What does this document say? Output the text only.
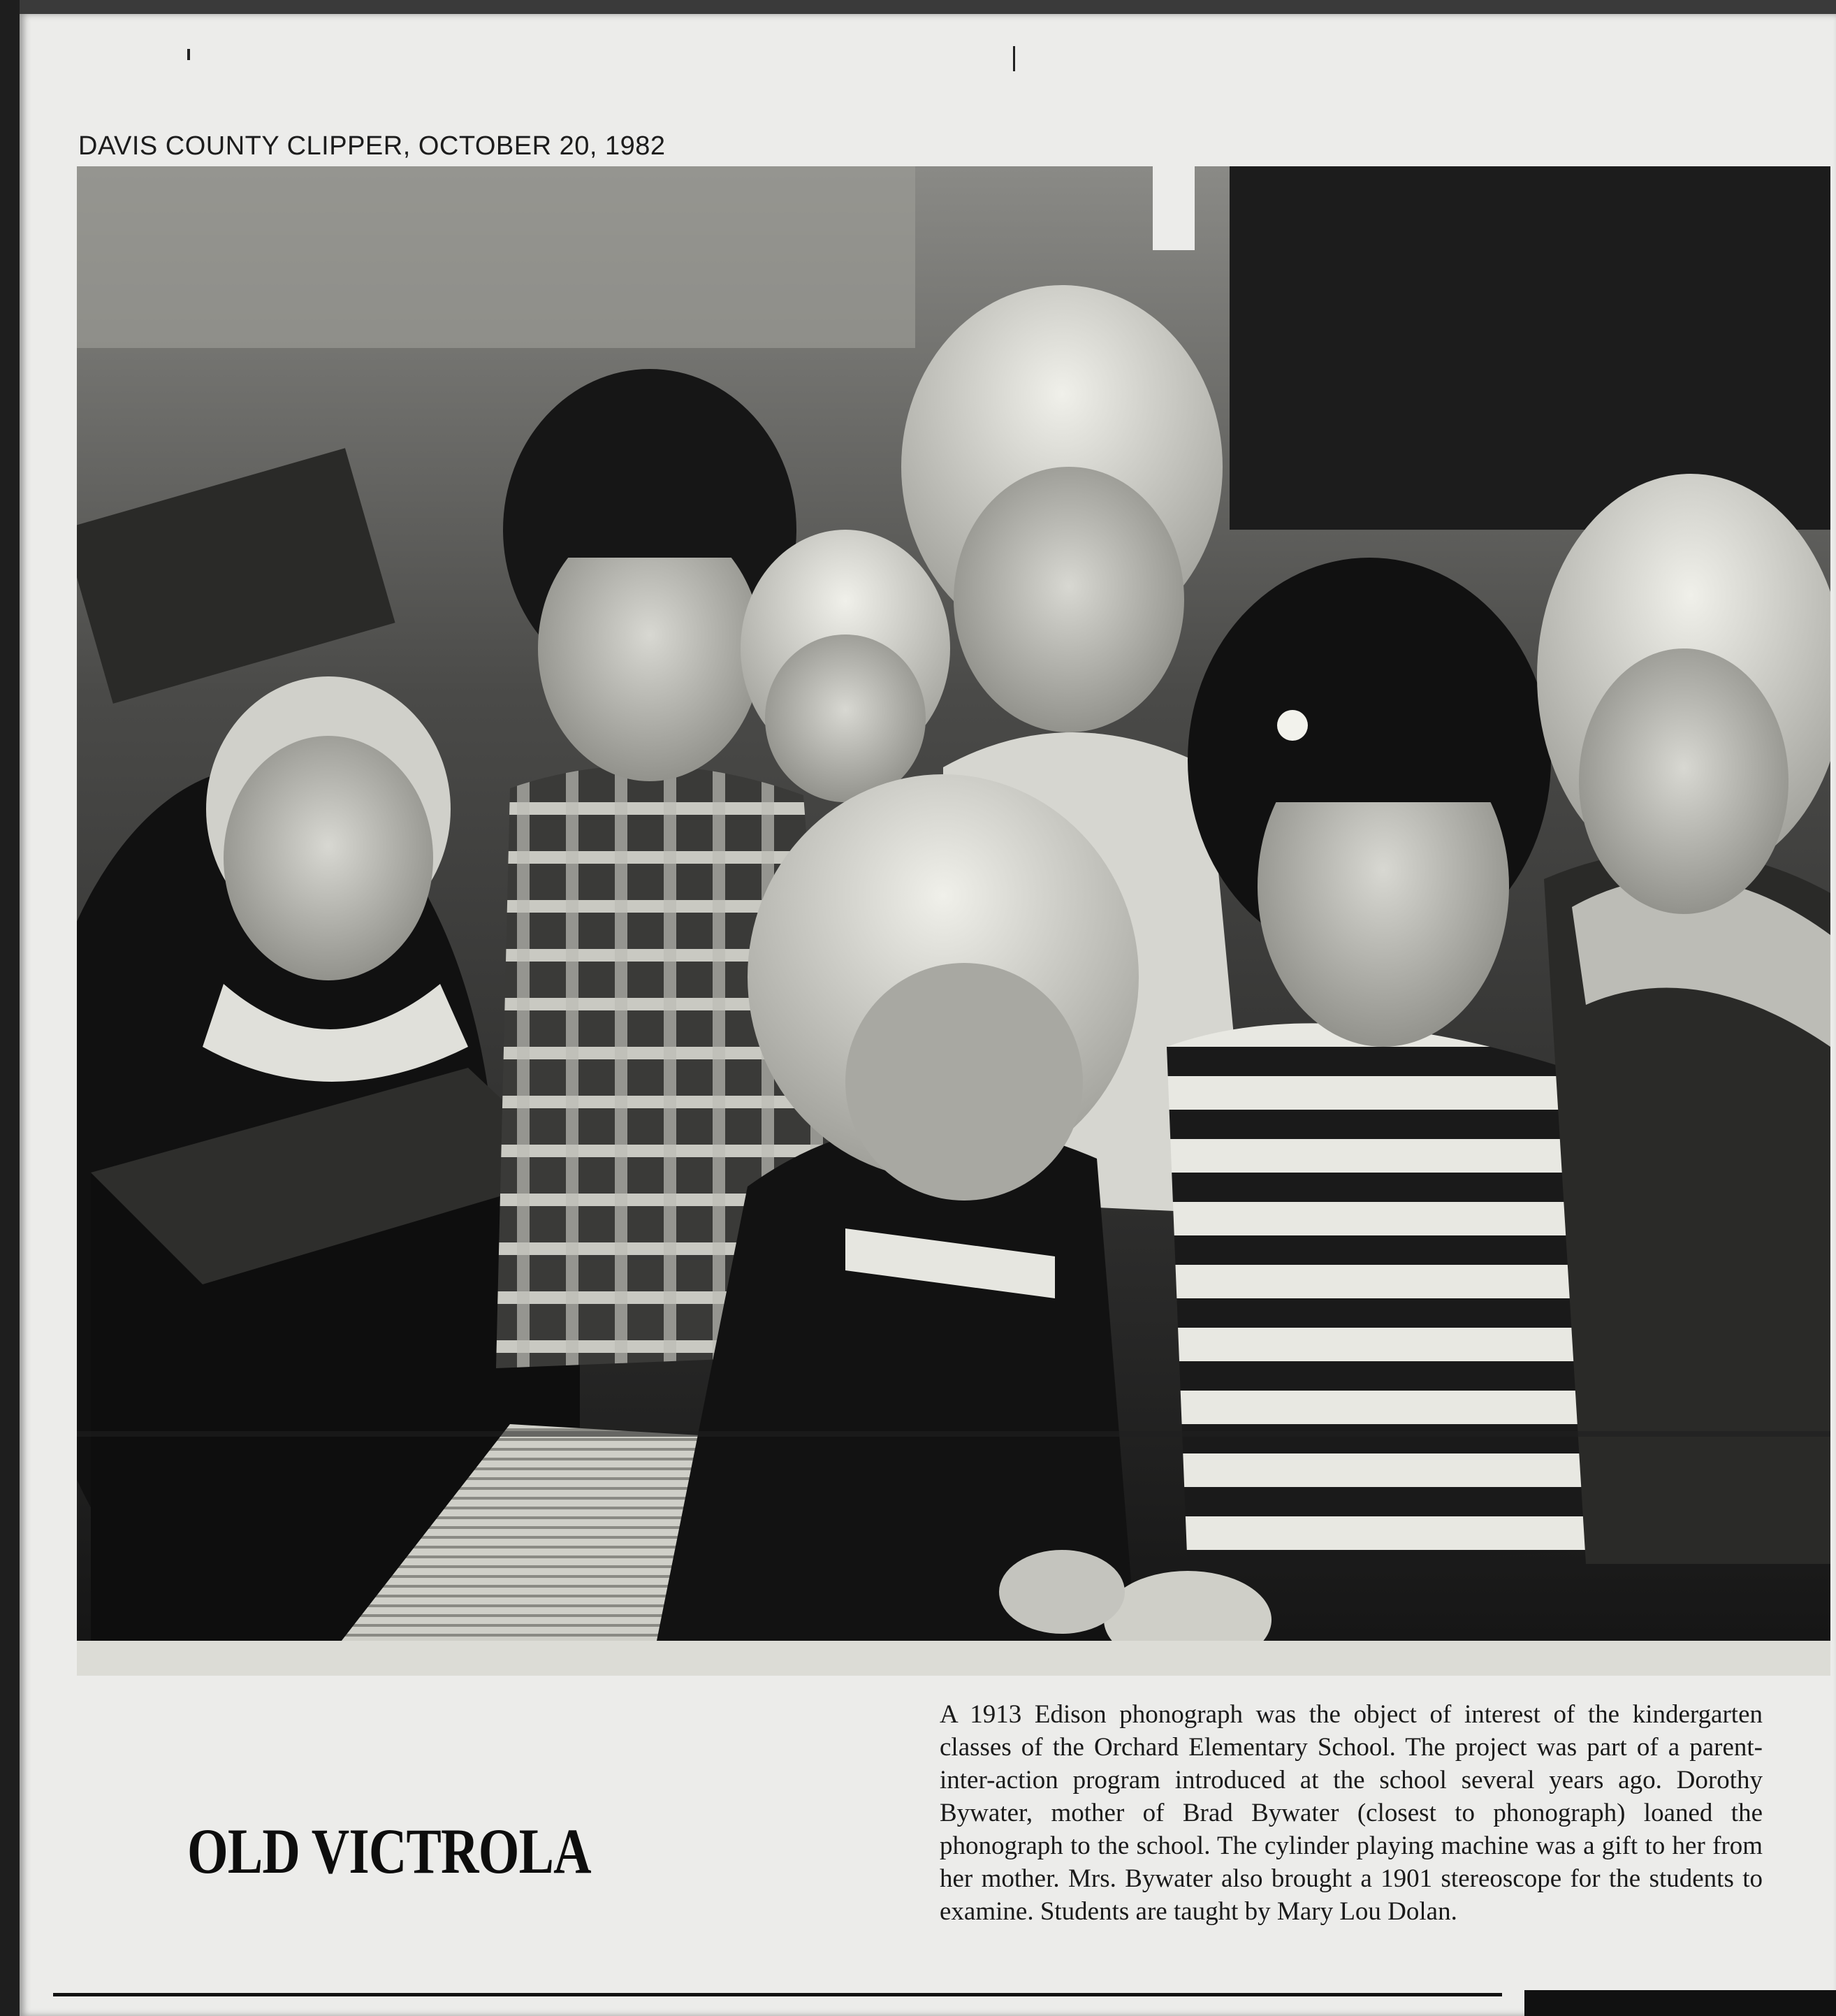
DAVIS COUNTY CLIPPER, OCTOBER 20, 1982
OLD VICTROLA
A 1913 Edison phonograph was the object of interest of the kindergarten classes of the Orchard Elementary School. The project was part of a parent-inter-action program introduced at the school several years ago. Dorothy Bywater, mother of Brad Bywater (closest to phonograph) loaned the phonograph to the school. The cylinder playing machine was a gift to her from her mother. Mrs. Bywater also brought a 1901 stereoscope for the students to examine. Students are taught by Mary Lou Dolan.
